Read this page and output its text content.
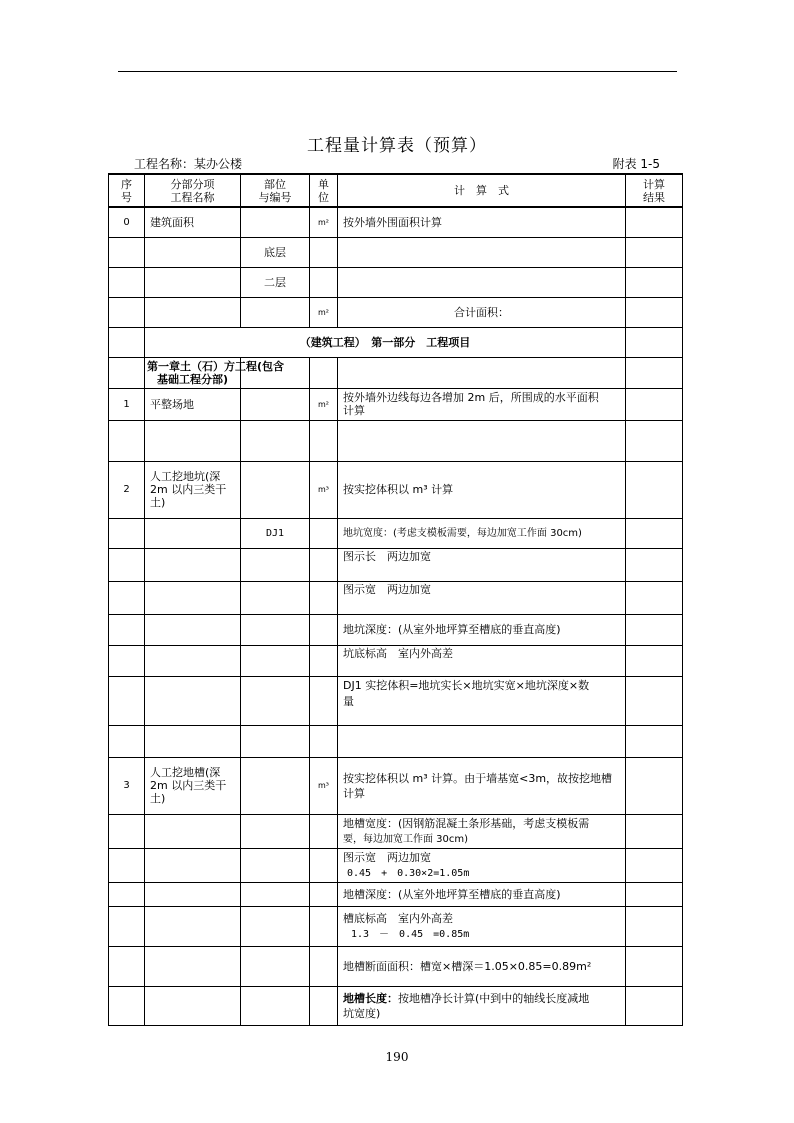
工程量计算表（预算）
工程名称：某办公楼	附表 1-5
序
号	分部分项
工程名称	部位
与编号	单
位	计　算　式	计算
结果
0	建筑面积		m²	按外墙外围面积计算	
		底层			
		二层			
			m²	合计面积：	
	（建筑工程）　第一部分　工程项目				
	第一章土（石）方工程(包含
基础工程分部)				
1	平整场地		m²	按外墙外边线每边各增加 2m 后，所围成的水平面积
计算	

2	人工挖地坑(深
2m 以内三类干
土)		m³	按实挖体积以 m³ 计算	
		DJ1		地坑宽度：(考虑支模板需要，每边加宽工作面 30cm)	
				图示长　两边加宽	
				图示宽　两边加宽	
				地坑深度：(从室外地坪算至槽底的垂直高度)	
				坑底标高　室内外高差	
				DJ1 实挖体积=地坑实长×地坑实宽×地坑深度×数
量	

3	人工挖地槽(深
2m 以内三类干
土)		m³	按实挖体积以 m³ 计算。由于墙基宽<3m，故按挖地槽
计算	
				地槽宽度：(因钢筋混凝土条形基础，考虑支模板需
要，每边加宽工作面 30cm)	
				图示宽　两边加宽
0.45　+　0.30×2=1.05m	
				地槽深度：(从室外地坪算至槽底的垂直高度)	
				槽底标高　室内外高差
1.3　－　0.45　=0.85m	
				地槽断面面积：槽宽×槽深＝1.05×0.85=0.89m²	
				地槽长度：按地槽净长计算(中到中的轴线长度减地
坑宽度)	
190
